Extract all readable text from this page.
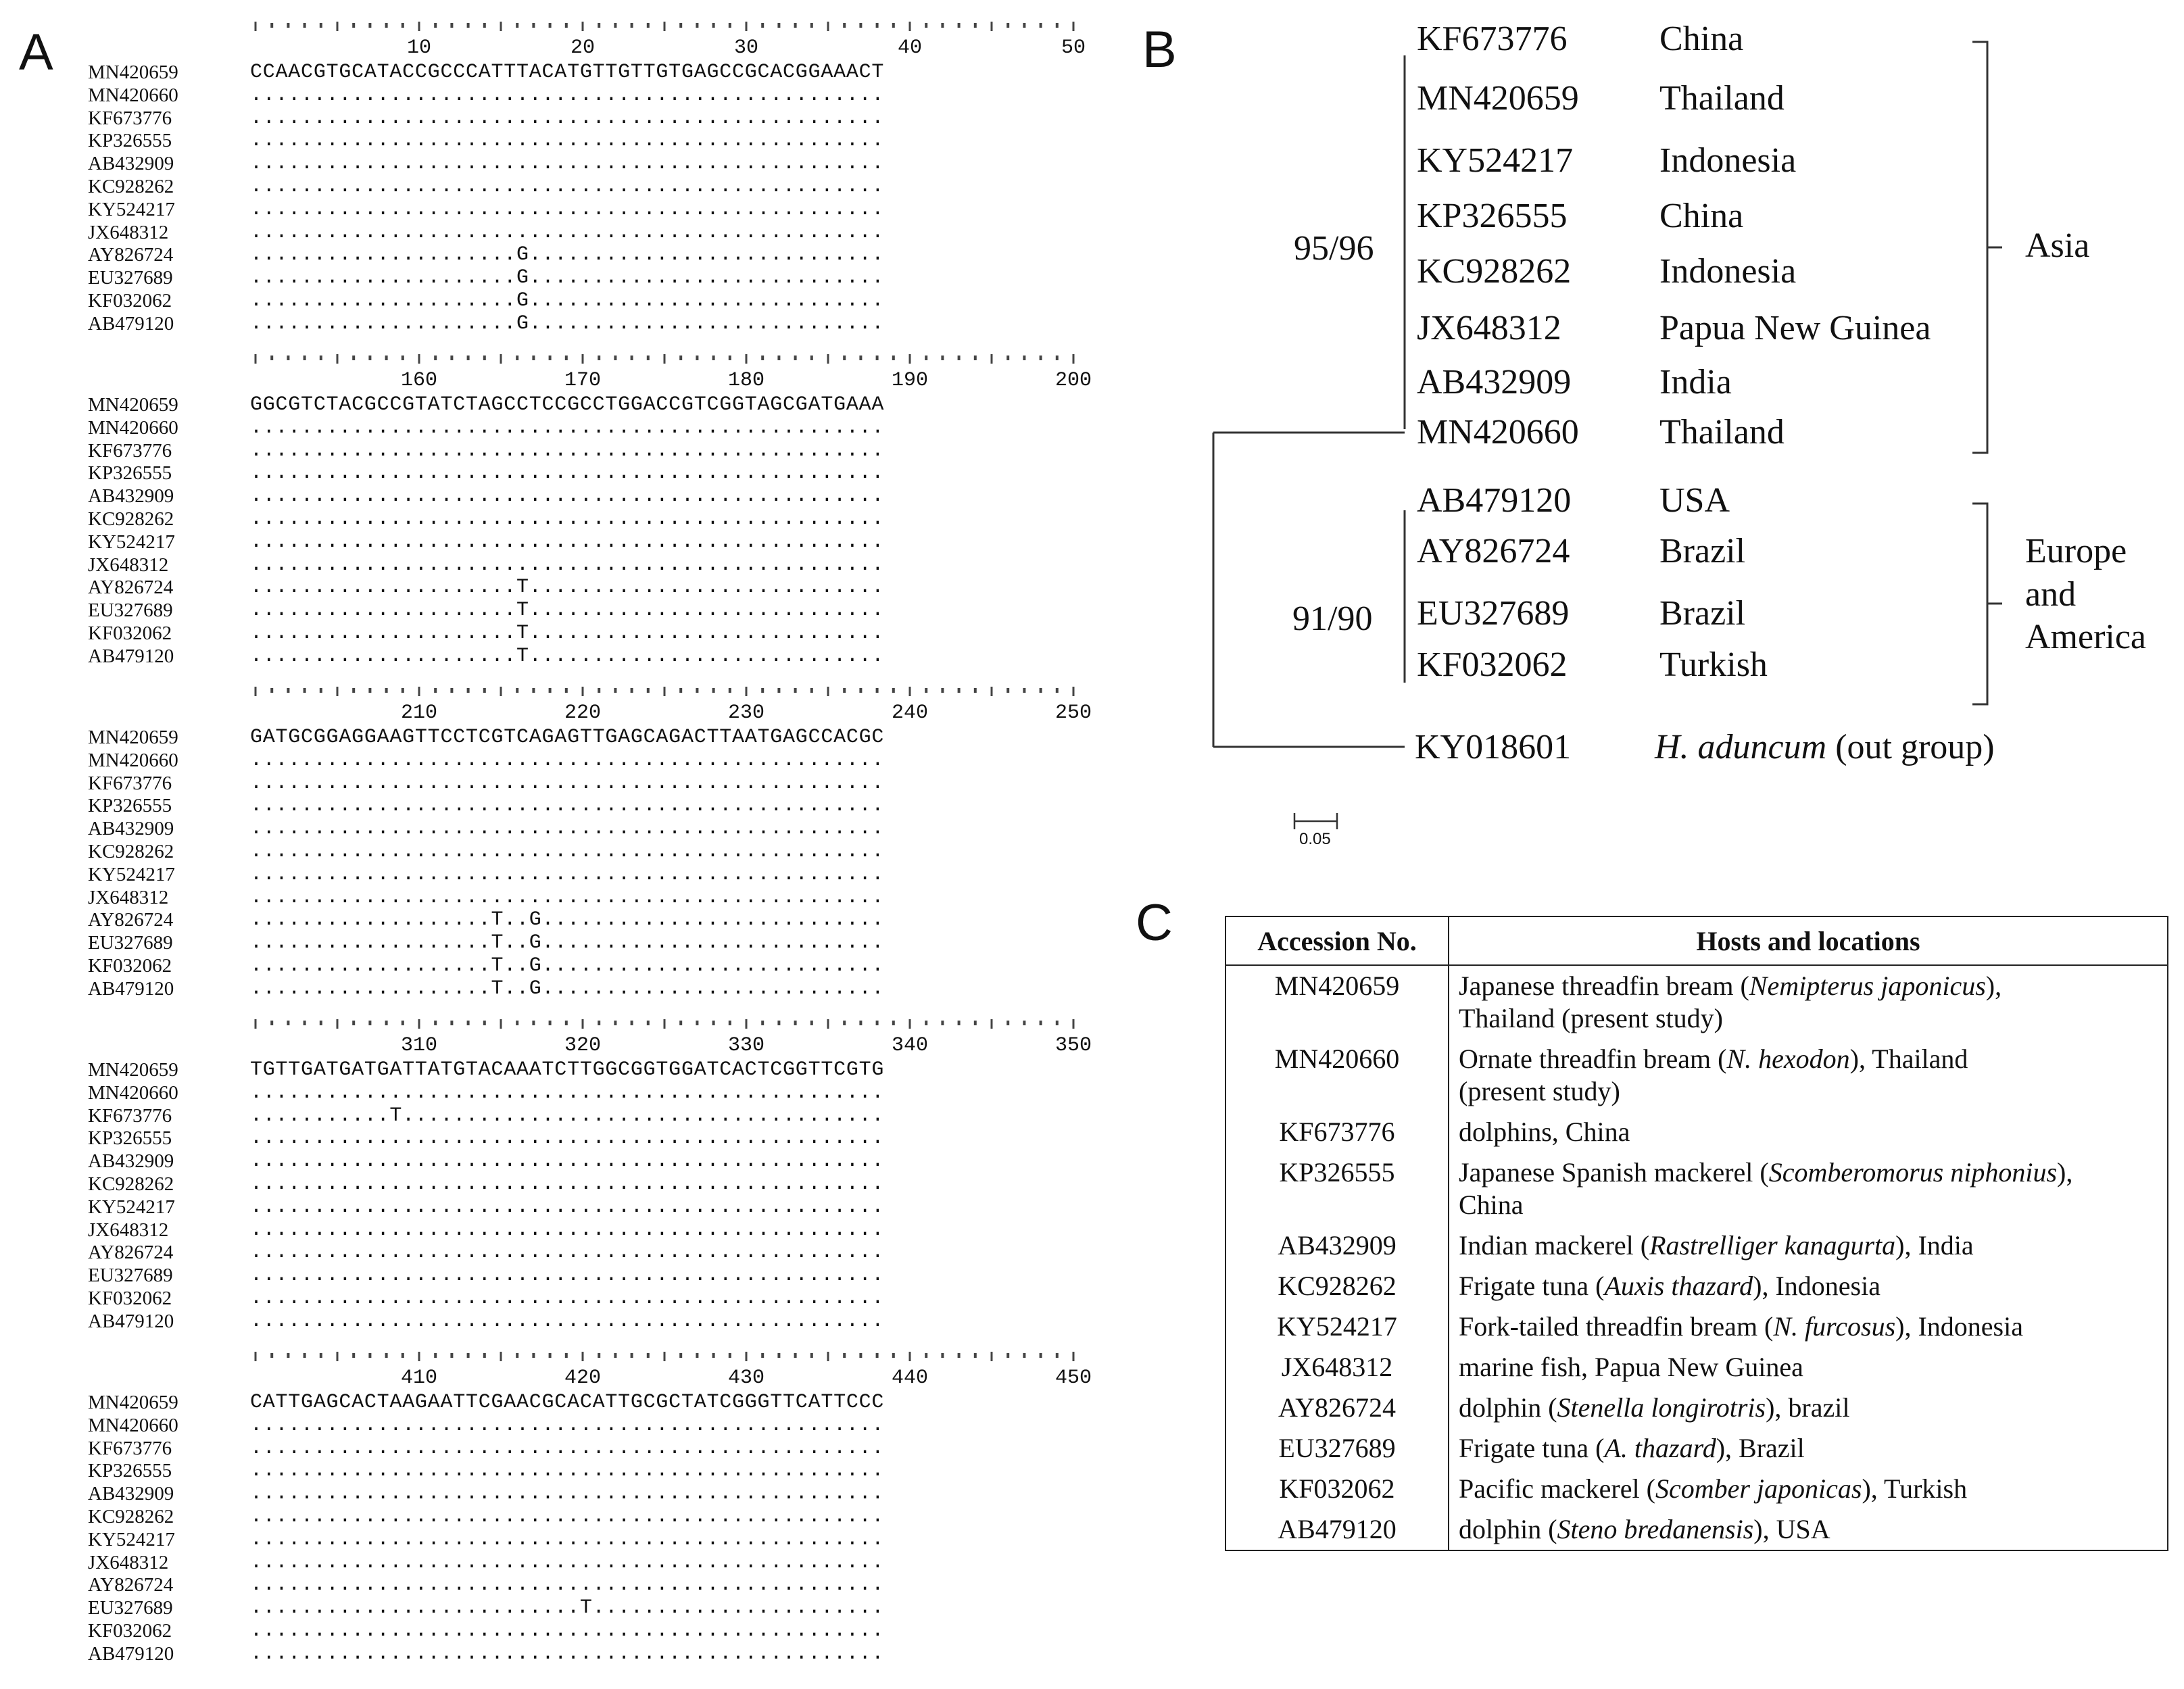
A	B
C
10	20	30	40	50
MN420659	CCAACGTGCATACCGCCCATTTACATGTTGTTGTGAGCCGCACGGAAACT
MN420660	..................................................
KF673776	..................................................
KP326555	..................................................
AB432909	..................................................
KC928262	..................................................
KY524217	..................................................
JX648312	..................................................
AY826724	.....................G............................
EU327689	.....................G............................
KF032062	.....................G............................
AB479120	.....................G............................
160	170	180	190	200
MN420659	GGCGTCTACGCCGTATCTAGCCTCCGCCTGGACCGTCGGTAGCGATGAAA
MN420660	..................................................
KF673776	..................................................
KP326555	..................................................
AB432909	..................................................
KC928262	..................................................
KY524217	..................................................
JX648312	..................................................
AY826724	.....................T............................
EU327689	.....................T............................
KF032062	.....................T............................
AB479120	.....................T............................
210	220	230	240	250
MN420659	GATGCGGAGGAAGTTCCTCGTCAGAGTTGAGCAGACTTAATGAGCCACGC
MN420660	..................................................
KF673776	..................................................
KP326555	..................................................
AB432909	..................................................
KC928262	..................................................
KY524217	..................................................
JX648312	..................................................
AY826724	...................T..G...........................
EU327689	...................T..G...........................
KF032062	...................T..G...........................
AB479120	...................T..G...........................
310	320	330	340	350
MN420659	TGTTGATGATGATTATGTACAAATCTTGGCGGTGGATCACTCGGTTCGTG
MN420660	..................................................
KF673776	...........T......................................
KP326555	..................................................
AB432909	..................................................
KC928262	..................................................
KY524217	..................................................
JX648312	..................................................
AY826724	..................................................
EU327689	..................................................
KF032062	..................................................
AB479120	..................................................
410	420	430	440	450
MN420659	CATTGAGCACTAAGAATTCGAACGCACATTGCGCTATCGGGTTCATTCCC
MN420660	..................................................
KF673776	..................................................
KP326555	..................................................
AB432909	..................................................
KC928262	..................................................
KY524217	..................................................
JX648312	..................................................
AY826724	..................................................
EU327689	..........................T.......................
KF032062	..................................................
AB479120	..................................................
KF673776	China
MN420659 Thailand
KY524217 Indonesia
KP326555	China
KC928262	Indonesia
JX648312	Papua New Guinea
AB432909	India
MN420660 Thailand
AB479120	USA
AY826724	Brazil
EU327689	Brazil
KF032062	Turkish
95/96
91/90
Asia
Europe
and
America
KY018601 H. aduncum (out group)
0.05
Accession No.	Hosts and locations
MN420659	Japanese threadfin bream (Nemipterus japonicus),
Thailand (present study)
MN420660	Ornate threadfin bream (N. hexodon), Thailand
(present study)
KF673776	dolphins, China
KP326555	Japanese Spanish mackerel (Scomberomorus niphonius),
China
AB432909	Indian mackerel (Rastrelliger kanagurta), India
KC928262	Frigate tuna (Auxis thazard), Indonesia
KY524217	Fork-tailed threadfin bream (N. furcosus), Indonesia
JX648312	marine fish, Papua New Guinea
AY826724	dolphin (Stenella longirotris), brazil
EU327689	Frigate tuna (A. thazard), Brazil
KF032062	Pacific mackerel (Scomber japonicas), Turkish
AB479120	dolphin (Steno bredanensis), USA
